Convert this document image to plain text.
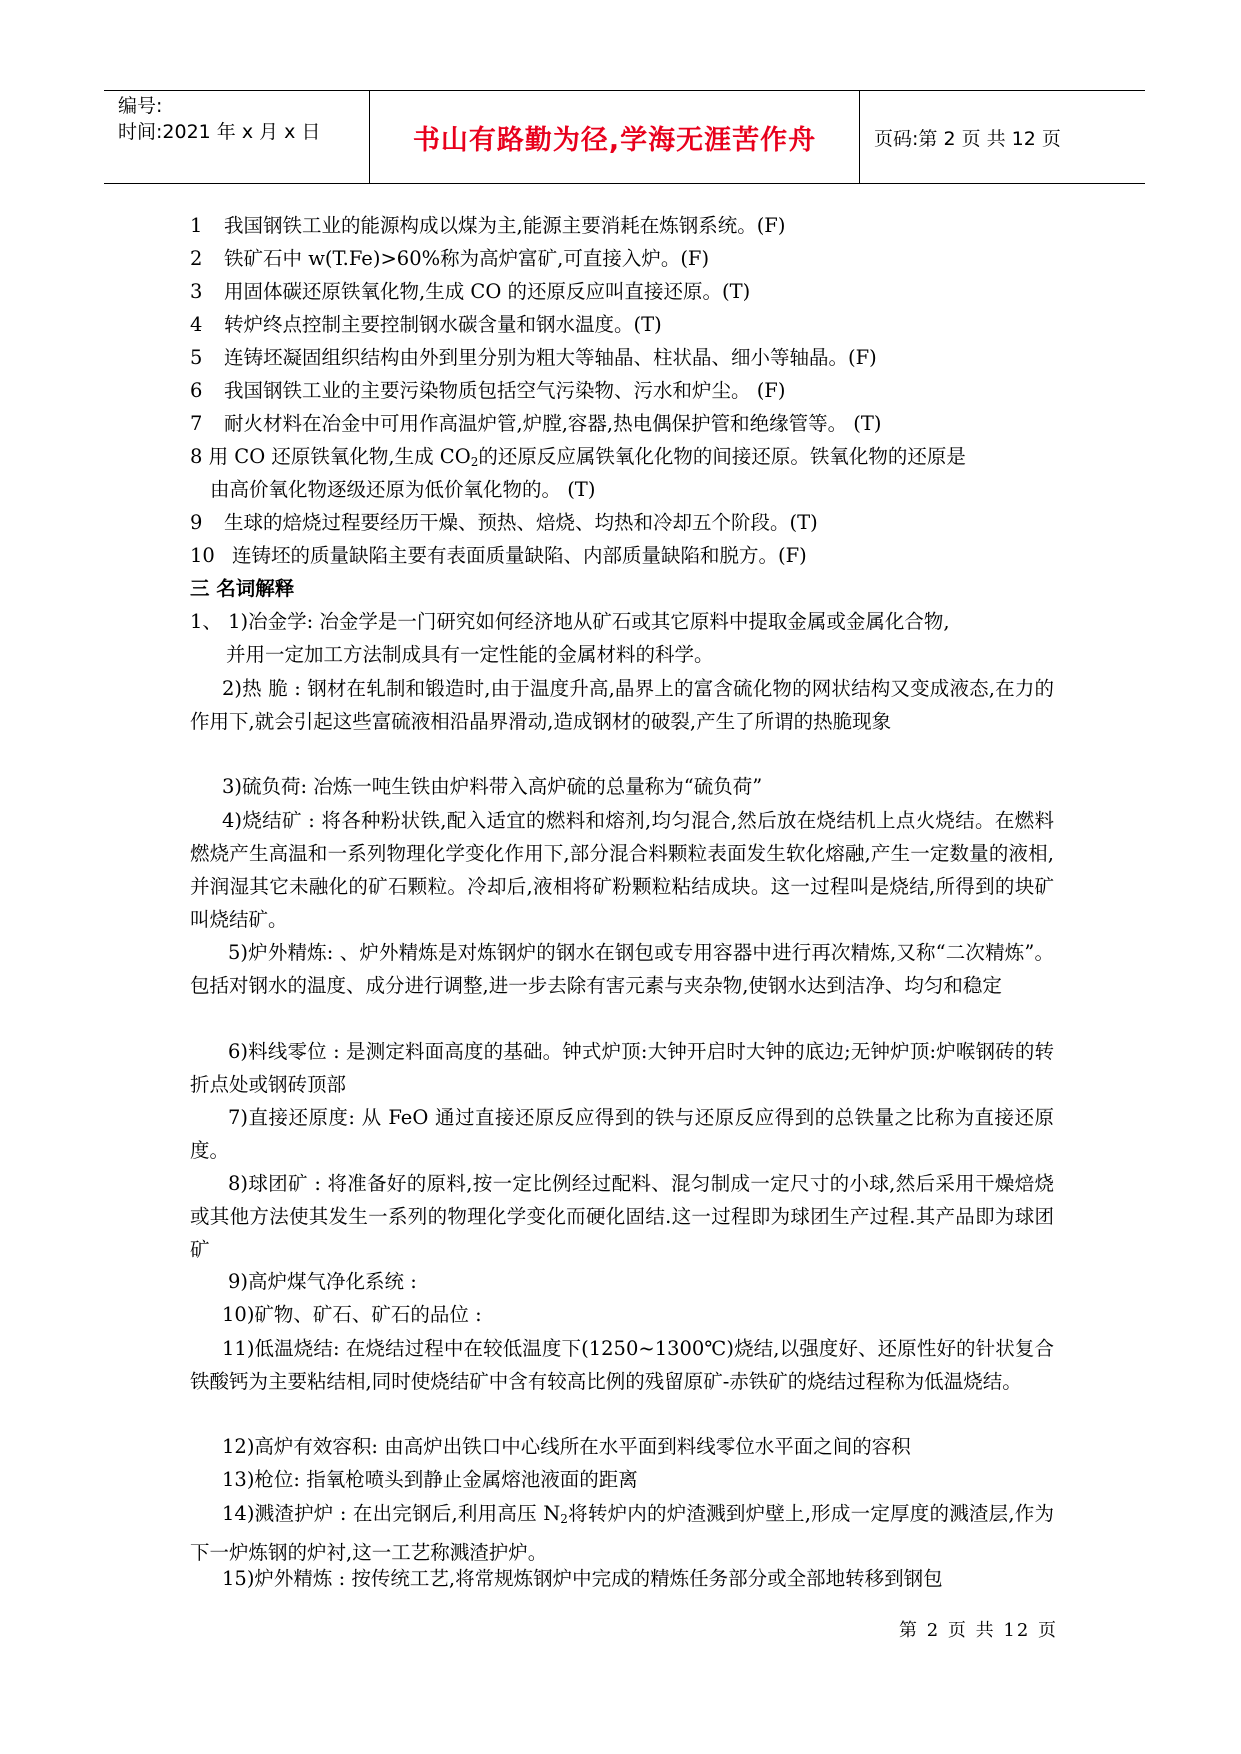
编号:
时间:2021 年 x 月 x 日	书山有路勤为径,学海无涯苦作舟	页码:第 2 页 共 12 页
1 我国钢铁工业的能源构成以煤为主,能源主要消耗在炼钢系统。(F)
2 铁矿石中 w(T.Fe)>60%称为高炉富矿,可直接入炉。(F)
3 用固体碳还原铁氧化物,生成 CO 的还原反应叫直接还原。(T)
4 转炉终点控制主要控制钢水碳含量和钢水温度。(T)
5 连铸坯凝固组织结构由外到里分别为粗大等轴晶、柱状晶、细小等轴晶。(F)
6 我国钢铁工业的主要污染物质包括空气污染物、污水和炉尘。 (F)
7 耐火材料在冶金中可用作高温炉管,炉膛,容器,热电偶保护管和绝缘管等。 (T)
8 用 CO 还原铁氧化物,生成 $CO_2$的还原反应属铁氧化化物的间接还原。铁氧化物的还原是
由高价氧化物逐级还原为低价氧化物的。 (T)
9 生球的焙烧过程要经历干燥、预热、焙烧、均热和冷却五个阶段。(T)
10 连铸坯的质量缺陷主要有表面质量缺陷、内部质量缺陷和脱方。(F)
三 名词解释
1、 1)冶金学: 冶金学是一门研究如何经济地从矿石或其它原料中提取金属或金属化合物,
并用一定加工方法制成具有一定性能的金属材料的科学。
2)热 脆 : 钢材在轧制和锻造时,由于温度升高,晶界上的富含硫化物的网状结构又变成液态,在力的作用下,就会引起这些富硫液相沿晶界滑动,造成钢材的破裂,产生了所谓的热脆现象
3)硫负荷: 冶炼一吨生铁由炉料带入高炉硫的总量称为“硫负荷”
4)烧结矿 : 将各种粉状铁,配入适宜的燃料和熔剂,均匀混合,然后放在烧结机上点火烧结。在燃料燃烧产生高温和一系列物理化学变化作用下,部分混合料颗粒表面发生软化熔融,产生一定数量的液相,并润湿其它未融化的矿石颗粒。冷却后,液相将矿粉颗粒粘结成块。这一过程叫是烧结,所得到的块矿叫烧结矿。
5)炉外精炼: 、炉外精炼是对炼钢炉的钢水在钢包或专用容器中进行再次精炼,又称“二次精炼”。包括对钢水的温度、成分进行调整,进一步去除有害元素与夹杂物,使钢水达到洁净、均匀和稳定
6)料线零位 : 是测定料面高度的基础。钟式炉顶:大钟开启时大钟的底边;无钟炉顶:炉喉钢砖的转折点处或钢砖顶部
7)直接还原度: 从 FeO 通过直接还原反应得到的铁与还原反应得到的总铁量之比称为直接还原度。
8)球团矿 : 将准备好的原料,按一定比例经过配料、混匀制成一定尺寸的小球,然后采用干燥焙烧或其他方法使其发生一系列的物理化学变化而硬化固结.这一过程即为球团生产过程.其产品即为球团矿
9)高炉煤气净化系统 :
10)矿物、矿石、矿石的品位 :
11)低温烧结: 在烧结过程中在较低温度下(1250~1300℃)烧结,以强度好、还原性好的针状复合铁酸钙为主要粘结相,同时使烧结矿中含有较高比例的残留原矿-赤铁矿的烧结过程称为低温烧结。
12)高炉有效容积: 由高炉出铁口中心线所在水平面到料线零位水平面之间的容积
13)枪位: 指氧枪喷头到静止金属熔池液面的距离
14)溅渣护炉 : 在出完钢后,利用高压 $N_2$将转炉内的炉渣溅到炉壁上,形成一定厚度的溅渣层,作为下一炉炼钢的炉衬,这一工艺称溅渣护炉。
15)炉外精炼 : 按传统工艺,将常规炼钢炉中完成的精炼任务部分或全部地转移到钢包
第 2 页 共 12 页
